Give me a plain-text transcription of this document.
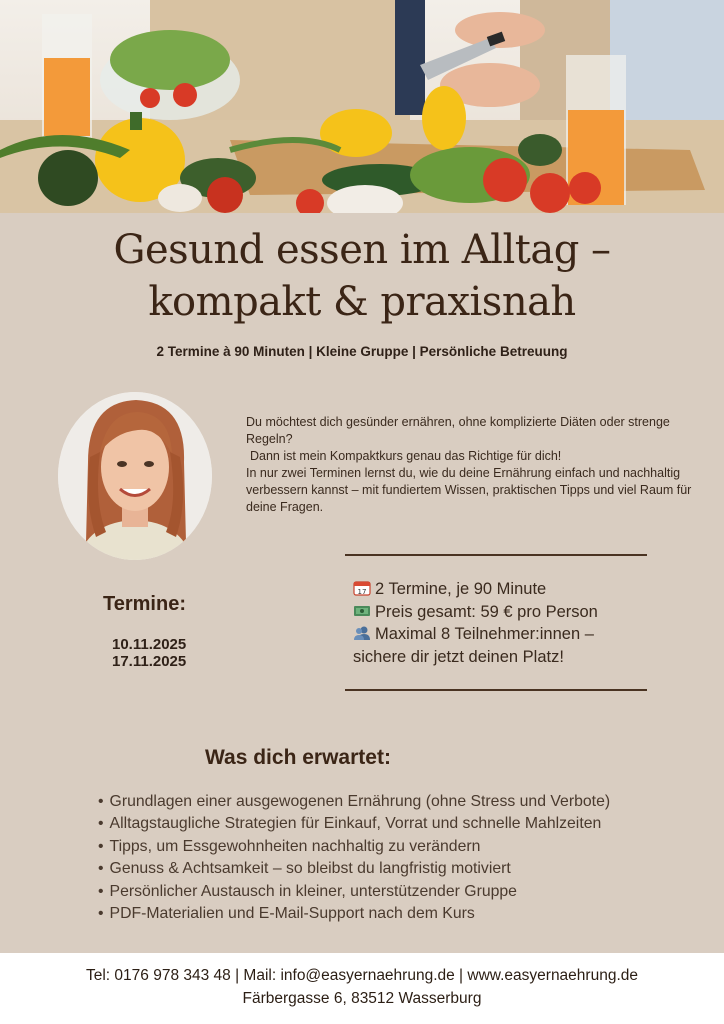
Gesund essen im Alltag –
kompakt & praxisnah
2 Termine à 90 Minuten | Kleine Gruppe | Persönliche Betreuung

Du möchtest dich gesünder ernähren, ohne komplizierte Diäten oder strenge Regeln?

Dann ist mein Kompaktkurs genau das Richtige für dich!

In nur zwei Terminen lernst du, wie du deine Ernährung einfach und nachhaltig verbessern kannst – mit fundiertem Wissen, praktischen Tipps und viel Raum für deine Fragen.

Termine:
10.11.2025
17.11.2025
17 2 Termine, je 90 Minute
Preis gesamt: 59 € pro Person
Maximal 8 Teilnehmer:innen –
sichere dir jetzt deinen Platz!
Was dich erwartet:
• Grundlagen einer ausgewogenen Ernährung (ohne Stress und Verbote)
• Alltagstaugliche Strategien für Einkauf, Vorrat und schnelle Mahlzeiten
• Tipps, um Essgewohnheiten nachhaltig zu verändern
• Genuss & Achtsamkeit – so bleibst du langfristig motiviert
• Persönlicher Austausch in kleiner, unterstützender Gruppe
• PDF-Materialien und E-Mail-Support nach dem Kurs
Tel: 0176 978 343 48 | Mail: info@easyernaehrung.de | www.easyernaehrung.de
Färbergasse 6, 83512 Wasserburg
